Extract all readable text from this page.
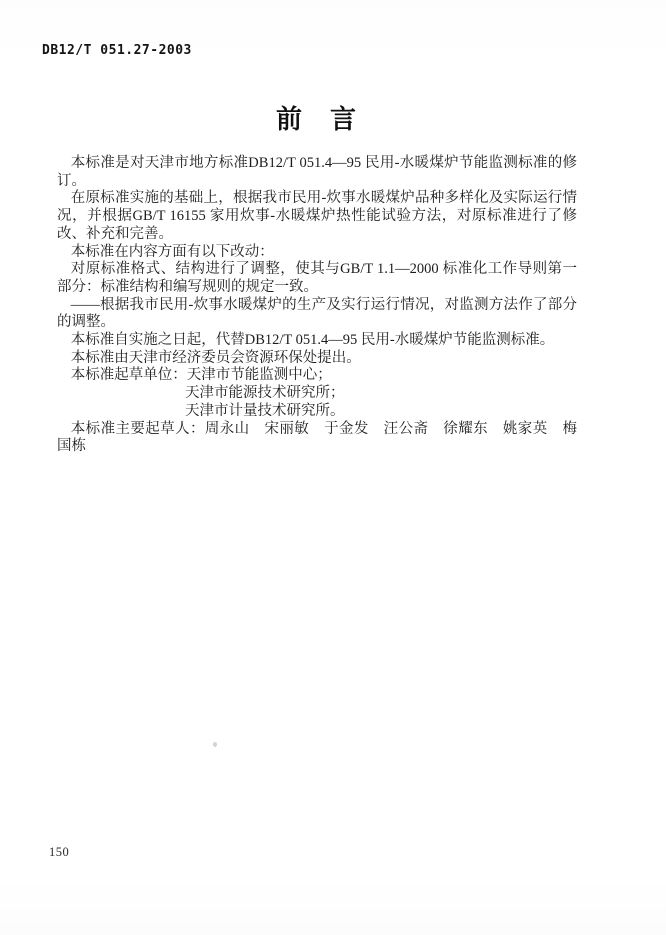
DB12/T 051.27-2003
前　言

本标准是对天津市地方标准DB12/T 051.4—95 民用-水暖煤炉节能监测标准的修订。

在原标准实施的基础上，根据我市民用-炊事水暖煤炉品种多样化及实际运行情况，并根据GB/T 16155 家用炊事-水暖煤炉热性能试验方法，对原标准进行了修改、补充和完善。

本标准在内容方面有以下改动：

对原标准格式、结构进行了调整，使其与GB/T 1.1—2000 标准化工作导则第一部分：标准结构和编写规则的规定一致。

——根据我市民用-炊事水暖煤炉的生产及实行运行情况，对监测方法作了部分的调整。

本标准自实施之日起，代替DB12/T 051.4—95 民用-水暖煤炉节能监测标准。

本标准由天津市经济委员会资源环保处提出。

本标准起草单位：天津市节能监测中心；

天津市能源技术研究所；

天津市计量技术研究所。

本标准主要起草人：周永山　宋丽敏　于金发　汪公斋　徐耀东　姚家英　梅国栋

150
